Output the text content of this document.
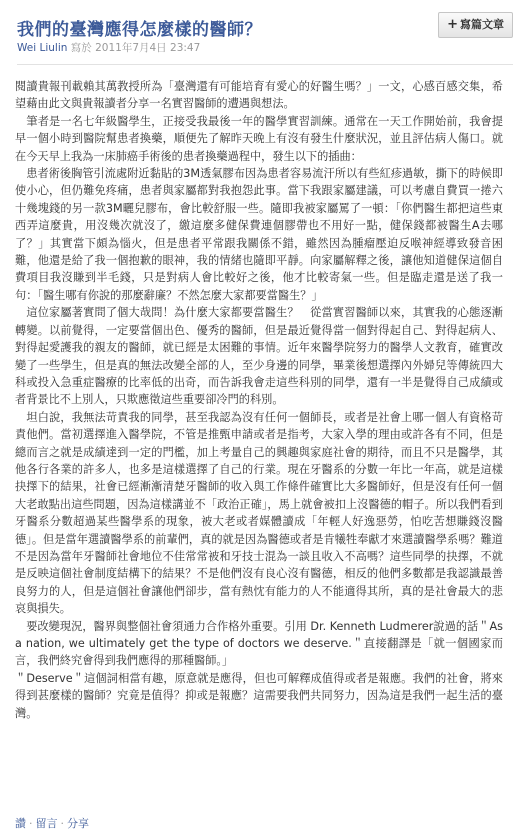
我們的臺灣應得怎麼樣的醫師？
Wei Liulin 寫於 2011年7月4日 23:47
+ 寫篇文章

閱讀貴報刊載賴其萬教授所為「臺灣還有可能培育有愛心的好醫生嗎？」一文，心感百感交集，希望藉由此文與貴報讀者分享一名實習醫師的遭遇與想法。

　筆者是一名七年級醫學生，正接受我最後一年的醫學實習訓練。通常在一天工作開始前，我會提早一個小時到醫院幫患者換藥，順便先了解昨天晚上有沒有發生什麼狀況，並且評估病人傷口。就在今天早上我為一床肺癌手術後的患者換藥過程中，發生以下的插曲：

　患者術後胸管引流處附近黏貼的3M透氣膠布因為患者容易流汗所以有些紅疹過敏，撕下的時候即使小心，但仍難免疼痛，患者與家屬都對我抱怨此事。當下我跟家屬建議，可以考慮自費買一捲六十幾塊錢的另一款3M曬兒膠布，會比較舒服一些。隨即我被家屬罵了一頓：「你們醫生都把這些東西弄這麼貴，用沒幾次就沒了，繳這麼多健保費連個膠帶也不用好一點，健保錢都被醫生A去哪了？」其實當下頗為惱火，但是患者平常跟我關係不錯，雖然因為腫瘤壓迫反喉神經導致發音困難，他還是給了我一個抱歉的眼神，我的情緒也隨即平靜。向家屬解釋之後，讓他知道健保這個自費項目我沒賺到半毛錢，只是對病人會比較好之後，他才比較寄氣一些。但是臨走還是送了我一句：「醫生哪有你說的那麼辭廉？不然怎麼大家都要當醫生？」

　這位家屬著實問了個大哉問！為什麼大家都要當醫生？　從當實習醫師以來，其實我的心態逐漸轉變。以前覺得，一定要當個出色、優秀的醫師，但是最近覺得當一個對得起自己、對得起病人、對得起愛護我的親友的醫師，就已經是太困難的事情。近年來醫學院努力的醫學人文教育，確實改變了一些學生，但是真的無法改變全部的人，至少身邊的同學，畢業後想選擇內外婦兒等傳統四大科或投入急重症醫療的比率低的出奇，而告訴我會走這些科別的同學，還有一半是覺得自己成績或者背景比不上別人，只欺應徵這些重要卻冷門的科別。

　坦白說，我無法苛責我的同學，甚至我認為沒有任何一個師長，或者是社會上哪一個人有資格苛責他們。當初選擇進入醫學院，不管是推甄申請或者是指考，大家入學的理由或許各有不同，但是總而言之就是成績達到一定的門檻，加上考量自己的興趣與家庭社會的期待，而且不只是醫學，其他各行各業的許多人，也多是這樣選擇了自己的行業。現在牙醫系的分數一年比一年高，就是這樣抉擇下的結果，社會已經漸漸清楚牙醫師的收入與工作條件確實比大多醫師好，但是沒有任何一個大老敢點出這些問題，因為這樣講並不「政治正確」，馬上就會被扣上沒醫德的帽子。所以我們看到牙醫系分數超過某些醫學系的現象，被大老或者媒體讀成「年輕人好逸惡勞，怕吃苦想賺錢沒醫德」。但是當年選讀醫學系的前輩們，真的就是因為醫德或者是肯犧牲奉獻才來選讀醫學系嗎？難道不是因為當年牙醫師社會地位不佳常常被和牙技士混為一談且收入不高嗎？這些同學的抉擇，不就是反映這個社會制度結構下的結果？不是他們沒有良心沒有醫德，相反的他們多數都是我認識最善良努力的人，但是這個社會讓他們卻步，當有熱忱有能力的人不能適得其所，真的是社會最大的悲哀與損失。

　要改變現況，醫界與整個社會須通力合作格外重要。引用 Dr. Kenneth Ludmerer說過的話＂As a nation, we ultimately get the type of doctors we deserve.＂直接翻譯是「就一個國家而言，我們終究會得到我們應得的那種醫師。」

＂Deserve＂這個詞相當有趣，原意就是應得，但也可解釋成值得或者是報應。我們的社會，將來得到甚麼樣的醫師？究竟是值得？抑或是報應？這需要我們共同努力，因為這是我們一起生活的臺灣。

讚 · 留言 · 分享
